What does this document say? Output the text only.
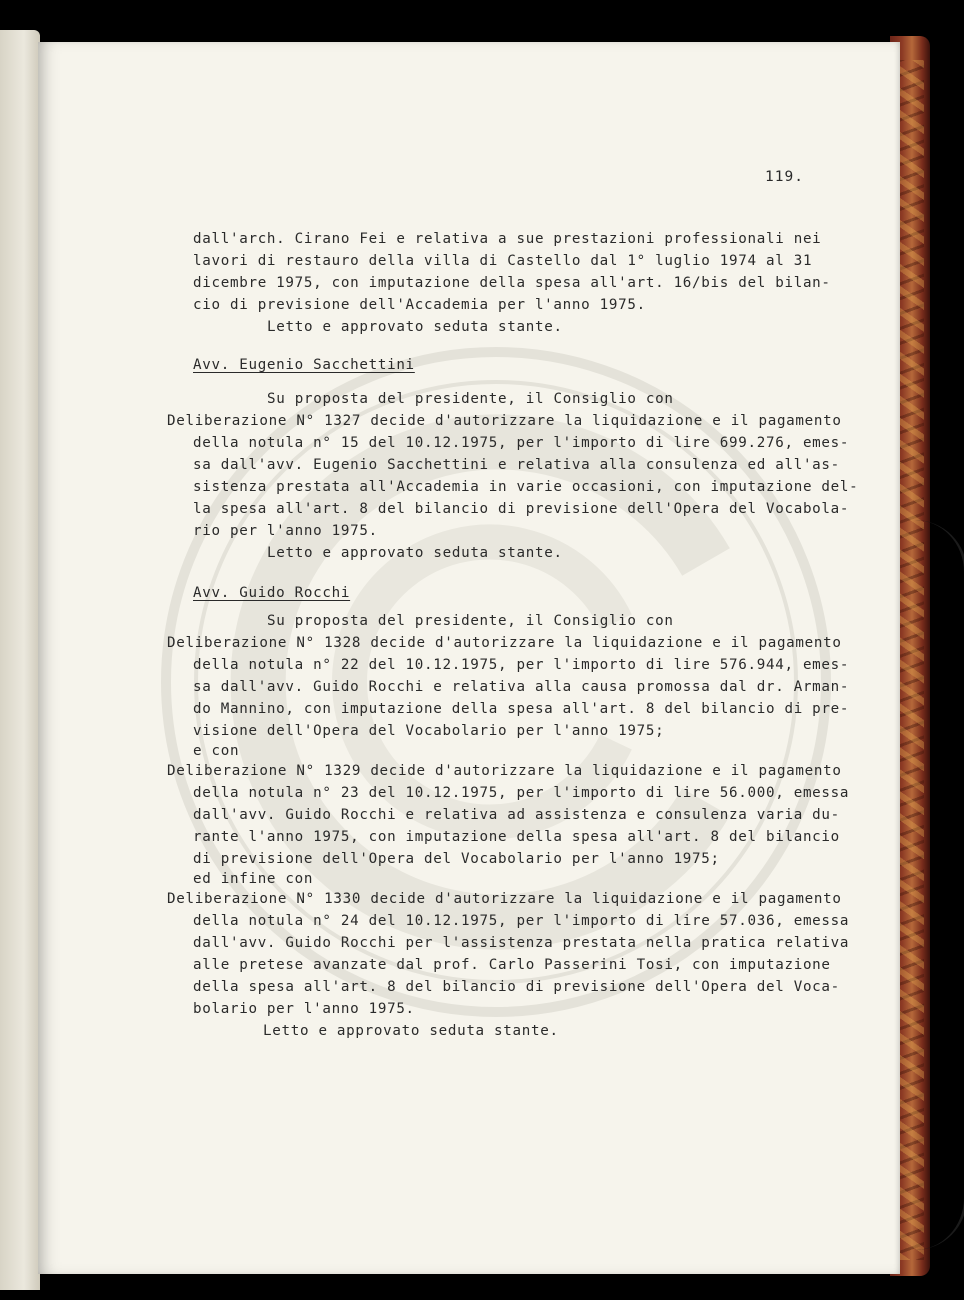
119.
dall'arch. Cirano Fei e relativa a sue prestazioni professionali nei
lavori di restauro della villa di Castello dal 1° luglio 1974 al 31
dicembre 1975, con imputazione della spesa all'art. 16/bis del bilan-
cio di previsione dell'Accademia per l'anno 1975.
Letto e approvato seduta stante.
Avv. Eugenio Sacchettini
Su proposta del presidente, il Consiglio con
Deliberazione N° 1327 decide d'autorizzare la liquidazione e il pagamento
della notula n° 15 del 10.12.1975, per l'importo di lire 699.276, emes-
sa dall'avv. Eugenio Sacchettini e relativa alla consulenza ed all'as-
sistenza prestata all'Accademia in varie occasioni, con imputazione del-
la spesa all'art. 8 del bilancio di previsione dell'Opera del Vocabola-
rio per l'anno 1975.
Letto e approvato seduta stante.
Avv. Guido Rocchi
Su proposta del presidente, il Consiglio con
Deliberazione N° 1328 decide d'autorizzare la liquidazione e il pagamento
della notula n° 22 del 10.12.1975, per l'importo di lire 576.944, emes-
sa dall'avv. Guido Rocchi e relativa alla causa promossa dal dr. Arman-
do Mannino, con imputazione della spesa all'art. 8 del bilancio di pre-
visione dell'Opera del Vocabolario per l'anno 1975;
e con
Deliberazione N° 1329 decide d'autorizzare la liquidazione e il pagamento
della notula n° 23 del 10.12.1975, per l'importo di lire 56.000, emessa
dall'avv. Guido Rocchi e relativa ad assistenza e consulenza varia du-
rante l'anno 1975, con imputazione della spesa all'art. 8 del bilancio
di previsione dell'Opera del Vocabolario per l'anno 1975;
ed infine con
Deliberazione N° 1330 decide d'autorizzare la liquidazione e il pagamento
della notula n° 24 del 10.12.1975, per l'importo di lire 57.036, emessa
dall'avv. Guido Rocchi per l'assistenza prestata nella pratica relativa
alle pretese avanzate dal prof. Carlo Passerini Tosi, con imputazione
della spesa all'art. 8 del bilancio di previsione dell'Opera del Voca-
bolario per l'anno 1975.
Letto e approvato seduta stante.
